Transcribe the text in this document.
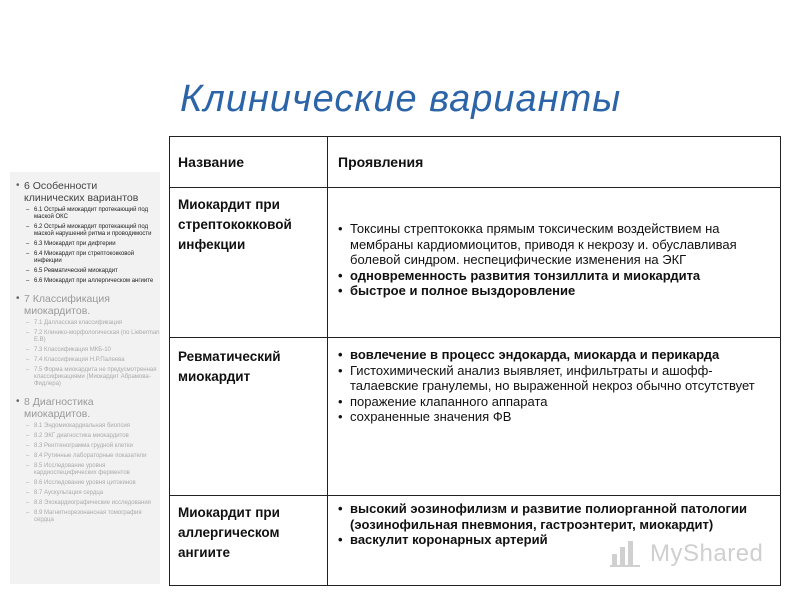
Клинические варианты
• 6 Особенности клинических вариантов
– 6.1 Острый миокардит протекающий под маской ОКС
– 6.2 Острый миокардит протекающий под маской нарушений ритма и проводимости
– 6.3 Миокардит при дифтерии
– 6.4 Миокардит при стрептококковой инфекции
– 6.5 Ревматический миокардит
– 6.6 Миокардит при аллергическом ангиите
• 7 Классификация миокардитов.
– 7.1 Далласская классификация
– 7.2 Клинико-морфологическая (по Lieberman E.B)
– 7.3 Классификация МКБ-10
– 7.4 Классификация Н.Р.Палеева
– 7.5 Форма миокардита не предусмотренная классификациями (Миокардит Абрамова-Фидлера)
• 8 Диагностика миокардитов.
– 8.1 Эндомиокардиальная биопсия
– 8.2 ЭКГ диагностика миокардитов
– 8.3 Рентгенограмма грудной клетки
– 8.4 Рутинные лабораторные показатели
– 8.5 Исследование уровня кардиоспецифических ферментов
– 8.6 Исследование уровня цитокинов
– 8.7 Аускультация сердца
– 8.8 Эхокардиографические исследования
– 8.9 Магнитнорезонансная томография сердца
Название	Проявления
Миокардит при стрептококковой инфекции
• Токсины стрептококка прямым токсическим воздействием на мембраны кардиомиоцитов, приводя к некрозу и. обуславливая болевой синдром. неспецифические изменения на ЭКГ
• одновременность развития тонзиллита и миокардита
• быстрое и полное выздоровление
Ревматический миокардит
• вовлечение в процесс эндокарда, миокарда и перикарда
• Гистохимический анализ выявляет, инфильтраты и ашофф-талаевские гранулемы, но выраженной некроз обычно отсутствует
• поражение клапанного аппарата
• сохраненные значения ФВ
Миокардит при аллергическом ангиите
• высокий эозинофилизм и развитие полиорганной патологии (эозинофильная пневмония, гастроэнтерит, миокардит)
• васкулит коронарных артерий
MyShared
